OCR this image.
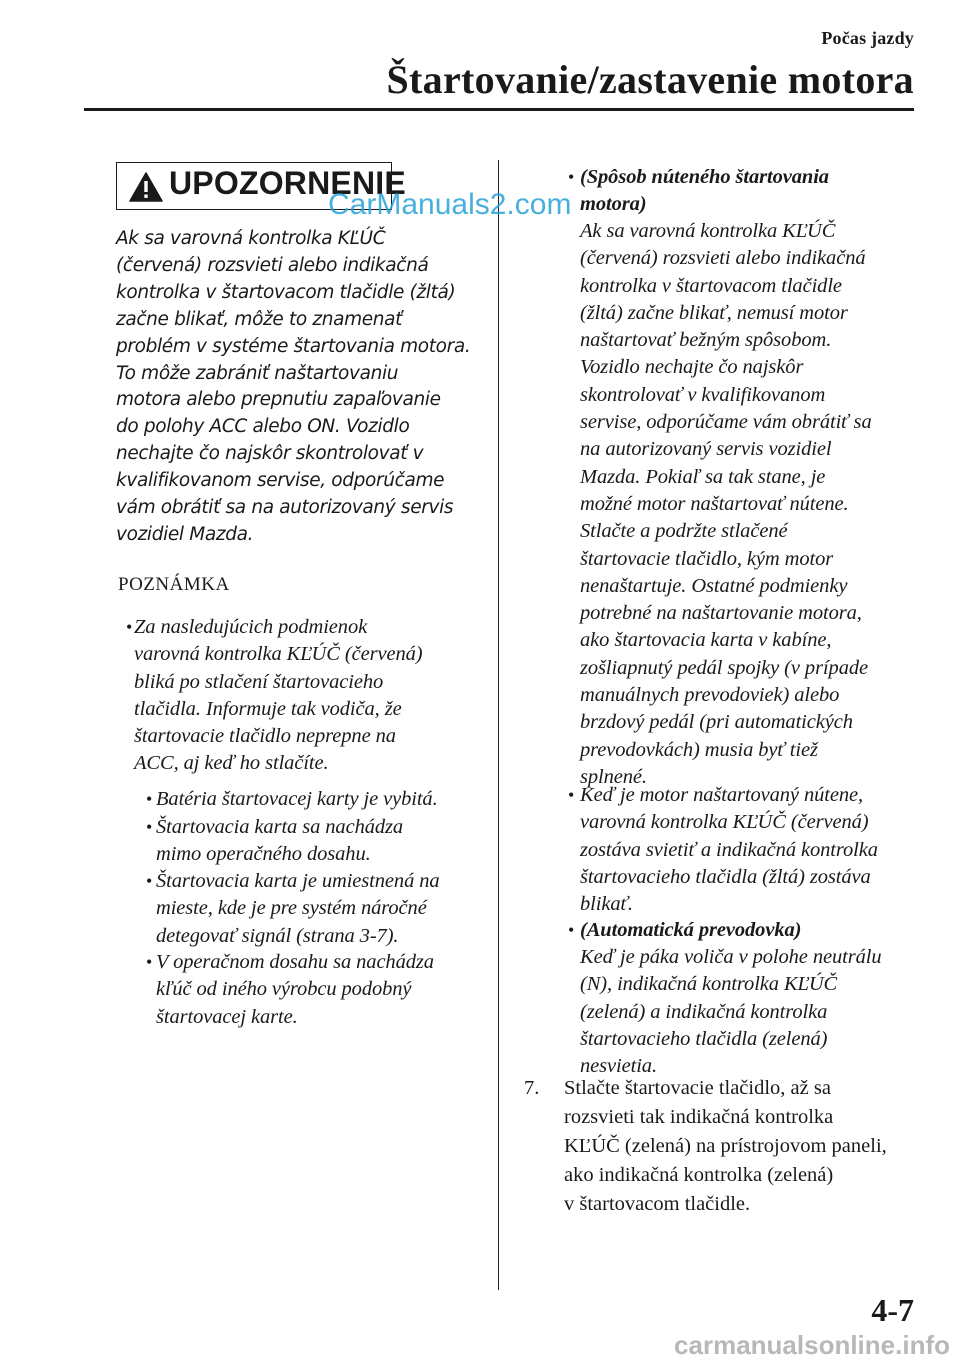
Počas jazdy
Štartovanie/zastavenie motora
UPOZORNENIE
CarManuals2.com
Ak sa varovná kontrolka KĽÚČ
(červená) rozsvieti alebo indikačná
kontrolka v štartovacom tlačidle (žltá)
začne blikať, môže to znamenať
problém v systéme štartovania motora.
To môže zabrániť naštartovaniu
motora alebo prepnutiu zapaľovanie
do polohy ACC alebo ON. Vozidlo
nechajte čo najskôr skontrolovať v
kvalifikovanom servise, odporúčame
vám obrátiť sa na autorizovaný servis
vozidiel Mazda.
POZNÁMKA
• Za nasledujúcich podmienok
varovná kontrolka KĽÚČ (červená)
bliká po stlačení štartovacieho
tlačidla. Informuje tak vodiča, že
štartovacie tlačidlo neprepne na
ACC, aj keď ho stlačíte.
• Batéria štartovacej karty je vybitá.
• Štartovacia karta sa nachádza
mimo operačného dosahu.
• Štartovacia karta je umiestnená na
mieste, kde je pre systém náročné
detegovať signál (strana 3-7).
• V operačnom dosahu sa nachádza
kľúč od iného výrobcu podobný
štartovacej karte.
• (Spôsob núteného štartovania
motora)
Ak sa varovná kontrolka KĽÚČ
(červená) rozsvieti alebo indikačná
kontrolka v štartovacom tlačidle
(žltá) začne blikať, nemusí motor
naštartovať bežným spôsobom.
Vozidlo nechajte čo najskôr
skontrolovať v kvalifikovanom
servise, odporúčame vám obrátiť sa
na autorizovaný servis vozidiel
Mazda. Pokiaľ sa tak stane, je
možné motor naštartovať nútene.
Stlačte a podržte stlačené
štartovacie tlačidlo, kým motor
nenaštartuje. Ostatné podmienky
potrebné na naštartovanie motora,
ako štartovacia karta v kabíne,
zošliapnutý pedál spojky (v prípade
manuálnych prevodoviek) alebo
brzdový pedál (pri automatických
prevodovkách) musia byť tiež
splnené.
• Keď je motor naštartovaný nútene,
varovná kontrolka KĽÚČ (červená)
zostáva svietiť a indikačná kontrolka
štartovacieho tlačidla (žltá) zostáva
blikať.
• (Automatická prevodovka)
Keď je páka voliča v polohe neutrálu
(N), indikačná kontrolka KĽÚČ
(zelená) a indikačná kontrolka
štartovacieho tlačidla (zelená)
nesvietia.
7. Stlačte štartovacie tlačidlo, až sa
rozsvieti tak indikačná kontrolka
KĽÚČ (zelená) na prístrojovom paneli,
ako indikačná kontrolka (zelená)
v štartovacom tlačidle.
4-7
carmanualsonline.info
